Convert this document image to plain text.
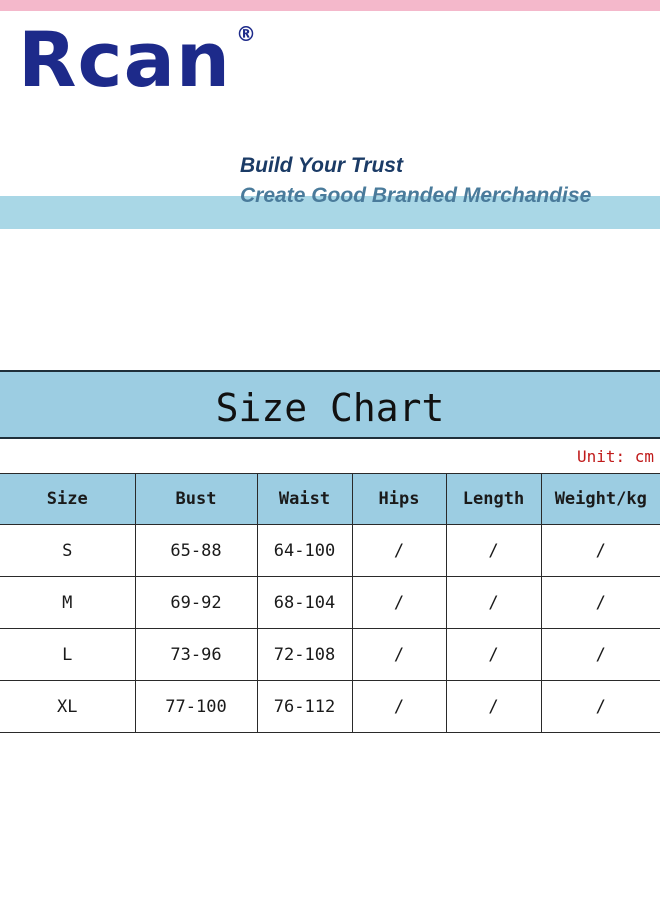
Rcan ®
Build Your Trust
Create Good Branded Merchandise
Size Chart
Unit: cm
Size	Bust	Waist	Hips	Length	Weight/kg
S	65-88	64-100	/	/	/
M	69-92	68-104	/	/	/
L	73-96	72-108	/	/	/
XL	77-100	76-112	/	/	/
